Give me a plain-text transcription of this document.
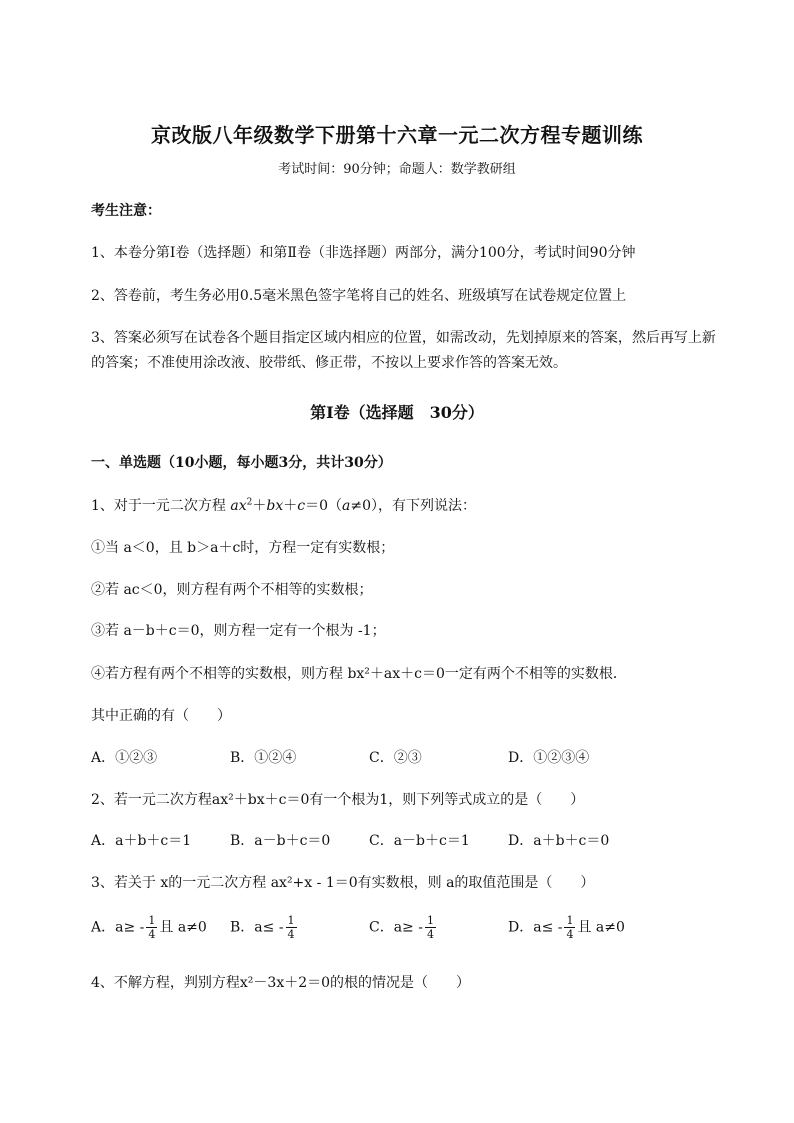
京改版八年级数学下册第十六章一元二次方程专题训练
考试时间：90分钟；命题人：数学教研组
考生注意：
1、本卷分第Ⅰ卷（选择题）和第Ⅱ卷（非选择题）两部分，满分100分，考试时间90分钟
2、答卷前，考生务必用0.5毫米黑色签字笔将自己的姓名、班级填写在试卷规定位置上
3、答案必须写在试卷各个题目指定区域内相应的位置，如需改动，先划掉原来的答案，然后再写上新
的答案；不准使用涂改液、胶带纸、修正带，不按以上要求作答的答案无效。
第Ⅰ卷（选择题　30分）
一、单选题（10小题，每小题3分，共计30分）
1、对于一元二次方程 $ax^2+bx+c=0(a\ne 0)$，有下列说法：
①当 a＜0，且 b＞a＋c时，方程一定有实数根；
②若 ac＜0，则方程有两个不相等的实数根；
③若 a－b＋c＝0，则方程一定有一个根为 -1；
④若方程有两个不相等的实数根，则方程 bx²＋ax＋c＝0一定有两个不相等的实数根．
其中正确的有（　　）
A．①②③	B．①②④	C．②③	D．①②③④
2、若一元二次方程ax²＋bx＋c＝0有一个根为1，则下列等式成立的是（　　）
A．a＋b＋c＝1	B．a－b＋c＝0	C．a－b＋c＝1	D．a＋b＋c＝0
3、若关于 x的一元二次方程 ax²+x - 1＝0有实数根，则 a的取值范围是（　　）
A．$a\ge - \frac{1}{4}$ 且 a≠0 B．$a\le - \frac{1}{4}$	C．$a\ge - \frac{1}{4}$	D．$a\le - \frac{1}{4}$ 且 a≠0
4、不解方程，判别方程x²－3x＋2＝0的根的情况是（　　）
